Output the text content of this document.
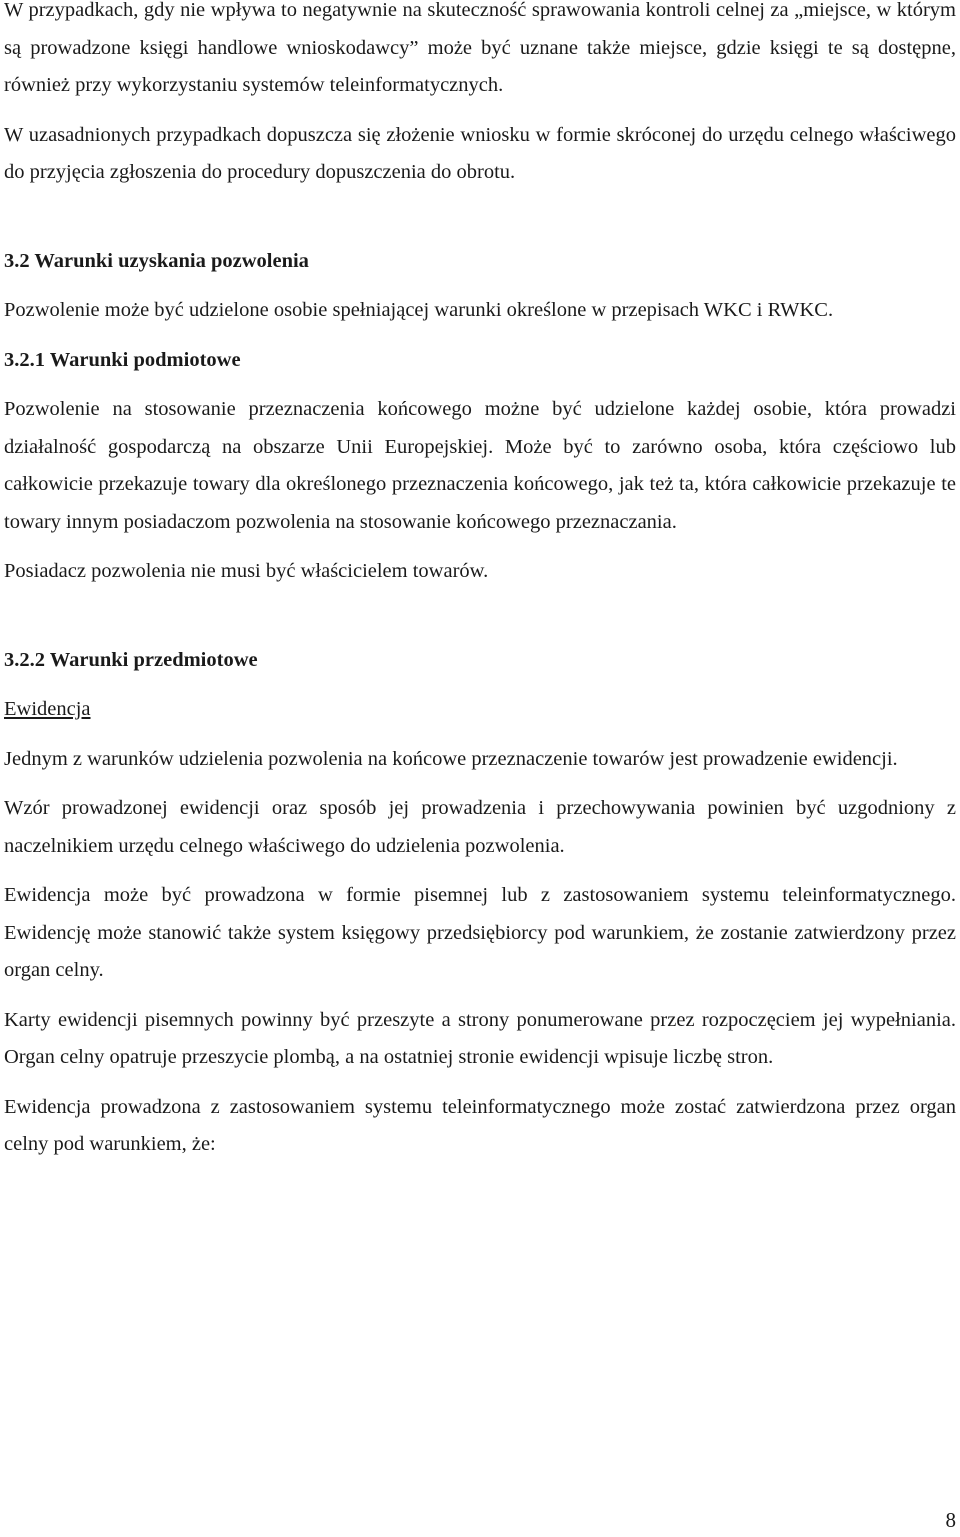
W przypadkach, gdy nie wpływa to negatywnie na skuteczność sprawowania kontroli celnej za „miejsce, w którym są prowadzone księgi handlowe wnioskodawcy” może być uznane także miejsce, gdzie księgi te są dostępne, również przy wykorzystaniu systemów teleinformatycznych.

W uzasadnionych przypadkach dopuszcza się złożenie wniosku w formie skróconej do urzędu celnego właściwego do przyjęcia zgłoszenia do procedury dopuszczenia do obrotu.

3.2 Warunki uzyskania pozwolenia

Pozwolenie może być udzielone osobie spełniającej warunki określone w przepisach WKC i RWKC.

3.2.1 Warunki podmiotowe

Pozwolenie na stosowanie przeznaczenia końcowego możne być udzielone każdej osobie, która prowadzi działalność gospodarczą na obszarze Unii Europejskiej. Może być to zarówno osoba, która częściowo lub całkowicie przekazuje towary dla określonego przeznaczenia końcowego, jak też ta, która całkowicie przekazuje te towary innym posiadaczom pozwolenia na stosowanie końcowego przeznaczania.

Posiadacz pozwolenia nie musi być właścicielem towarów.

3.2.2 Warunki przedmiotowe

Ewidencja

Jednym z warunków udzielenia pozwolenia na końcowe przeznaczenie towarów jest prowadzenie ewidencji.

Wzór prowadzonej ewidencji oraz sposób jej prowadzenia i przechowywania powinien być uzgodniony z naczelnikiem urzędu celnego właściwego do udzielenia pozwolenia.

Ewidencja może być prowadzona w formie pisemnej lub z zastosowaniem systemu teleinformatycznego. Ewidencję może stanowić także system księgowy przedsiębiorcy pod warunkiem, że zostanie zatwierdzony przez organ celny.

Karty ewidencji pisemnych powinny być przeszyte a strony ponumerowane przez rozpoczęciem jej wypełniania. Organ celny opatruje przeszycie plombą, a na ostatniej stronie ewidencji wpisuje liczbę stron.

Ewidencja prowadzona z zastosowaniem systemu teleinformatycznego może zostać zatwierdzona przez organ celny pod warunkiem, że:

8
